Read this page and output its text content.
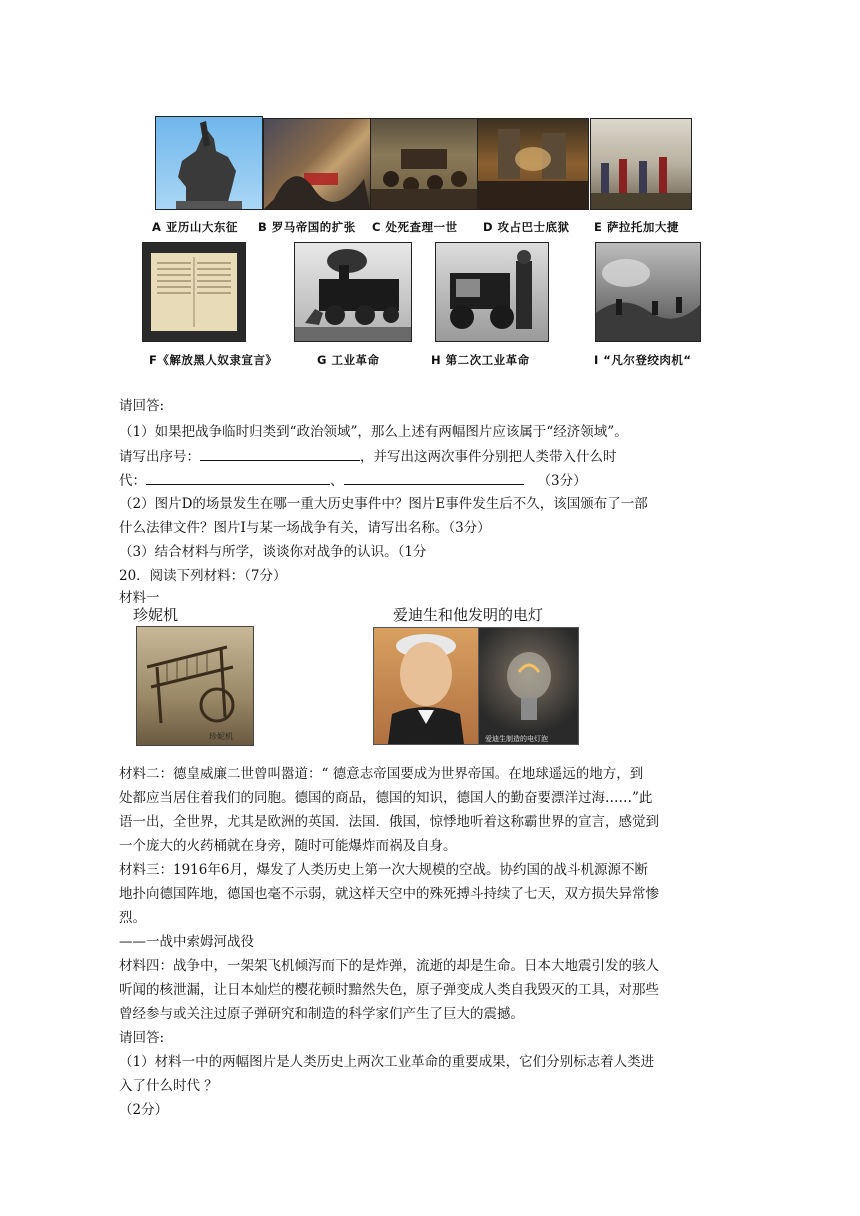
A 亚历山大东征 B 罗马帝国的扩张 C 处死查理一世 D 攻占巴士底狱 E 萨拉托加大捷
F《解放黑人奴隶宣言》	G 工业革命	H 第二次工业革命	I “凡尔登绞肉机“
请回答:
（1）如果把战争临时归类到“政治领域”，那么上述有两幅图片应该属于“经济领域”。
请写出序号：	，并写出这两次事件分别把人类带入什么时
代：	、	（3分）
（2）图片D的场景发生在哪一重大历史事件中？图片E事件发生后不久，该国颁布了一部
什么法律文件？图片I与某一场战争有关，请写出名称。（3分）
（3）结合材料与所学，谈谈你对战争的认识。（1分
20．阅读下列材料：（7分）
材料一
珍妮机	爱迪生和他发明的电灯
珍妮机	爱迪生像	爱迪生制造的电灯泡
材料二：德皇威廉二世曾叫嚣道：“ 德意志帝国要成为世界帝国。在地球遥远的地方，到
处都应当居住着我们的同胞。德国的商品，德国的知识，德国人的勤奋要漂洋过海……”此
语一出，全世界，尤其是欧洲的英国．法国．俄国，惊悸地听着这称霸世界的宣言，感觉到
一个庞大的火药桶就在身旁，随时可能爆炸而祸及自身。
材料三：1916年6月，爆发了人类历史上第一次大规模的空战。协约国的战斗机源源不断
地扑向德国阵地，德国也毫不示弱，就这样天空中的殊死搏斗持续了七天，双方损失异常惨
烈。
——一战中索姆河战役
材料四：战争中，一架架飞机倾泻而下的是炸弹，流逝的却是生命。日本大地震引发的骇人
听闻的核泄漏，让日本灿烂的樱花顿时黯然失色，原子弹变成人类自我毁灭的工具，对那些
曾经参与或关注过原子弹研究和制造的科学家们产生了巨大的震撼。
请回答:
（1）材料一中的两幅图片是人类历史上两次工业革命的重要成果，它们分别标志着人类进
入了什么时代 ？
（2分）
